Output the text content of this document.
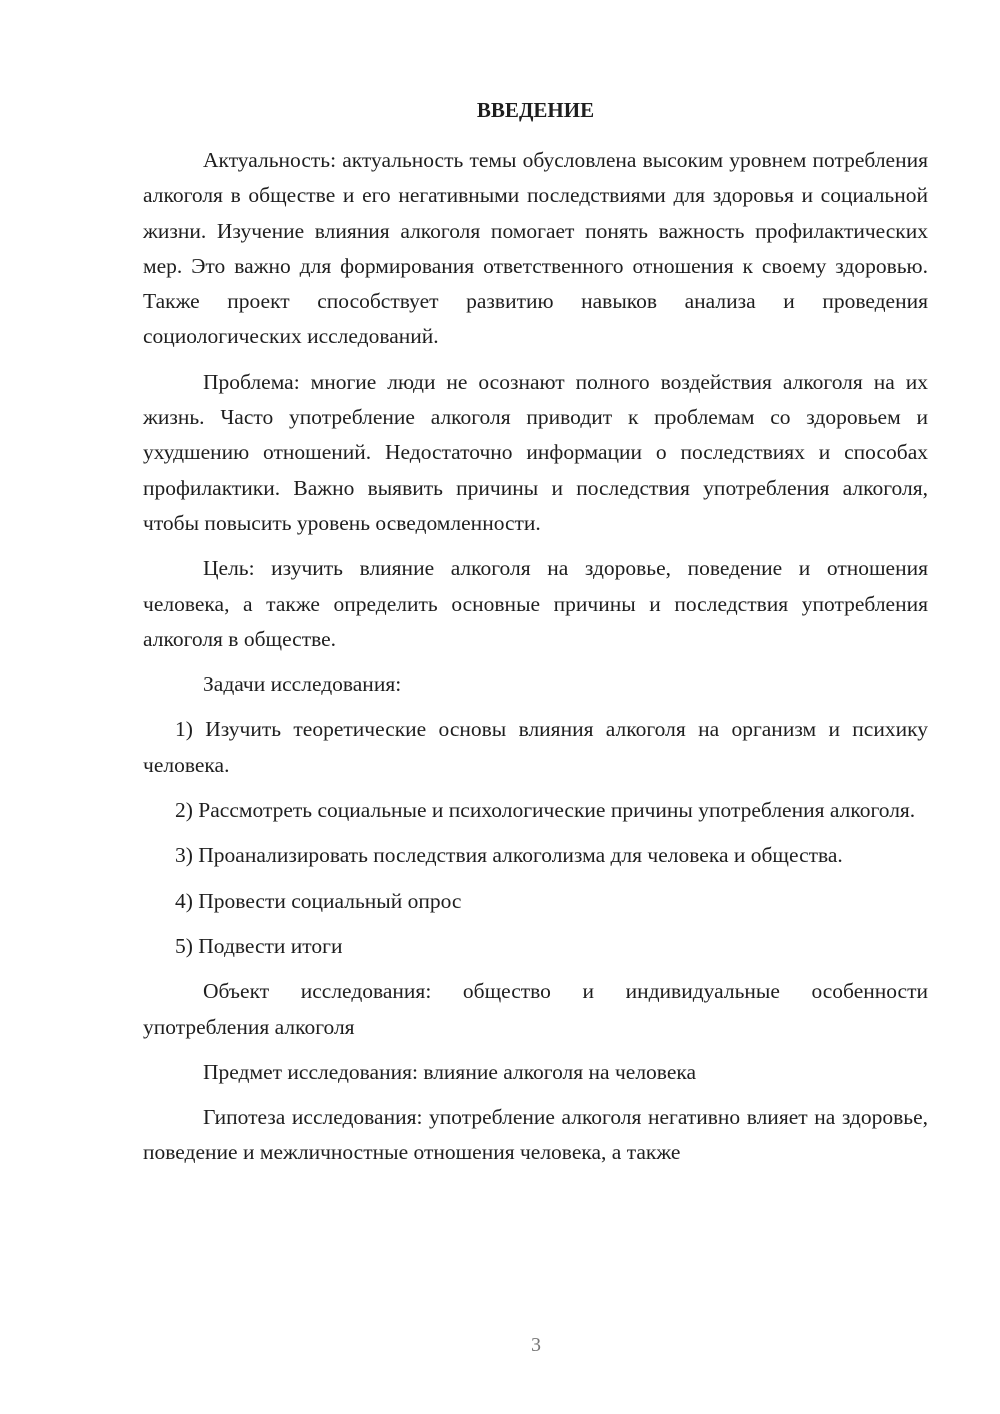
ВВЕДЕНИЕ

Актуальность: актуальность темы обусловлена высоким уровнем потребления алкоголя в обществе и его негативными последствиями для здоровья и социальной жизни. Изучение влияния алкоголя помогает понять важность профилактических мер. Это важно для формирования ответственного отношения к своему здоровью. Также проект способствует развитию навыков анализа и проведения социологических исследований.

Проблема: многие люди не осознают полного воздействия алкоголя на их жизнь. Часто употребление алкоголя приводит к проблемам со здоровьем и ухудшению отношений. Недостаточно информации о последствиях и способах профилактики. Важно выявить причины и последствия употребления алкоголя, чтобы повысить уровень осведомленности.

Цель: изучить влияние алкоголя на здоровье, поведение и отношения человека, а также определить основные причины и последствия употребления алкоголя в обществе.

Задачи исследования:

1) Изучить теоретические основы влияния алкоголя на организм и психику человека.

2) Рассмотреть социальные и психологические причины употребления алкоголя.

3) Проанализировать последствия алкоголизма для человека и общества.

4) Провести социальный опрос

5) Подвести итоги

Объект исследования: общество и индивидуальные особенности употребления алкоголя

Предмет исследования: влияние алкоголя на человека

Гипотеза исследования: употребление алкоголя негативно влияет на здоровье, поведение и межличностные отношения человека, а также

3
